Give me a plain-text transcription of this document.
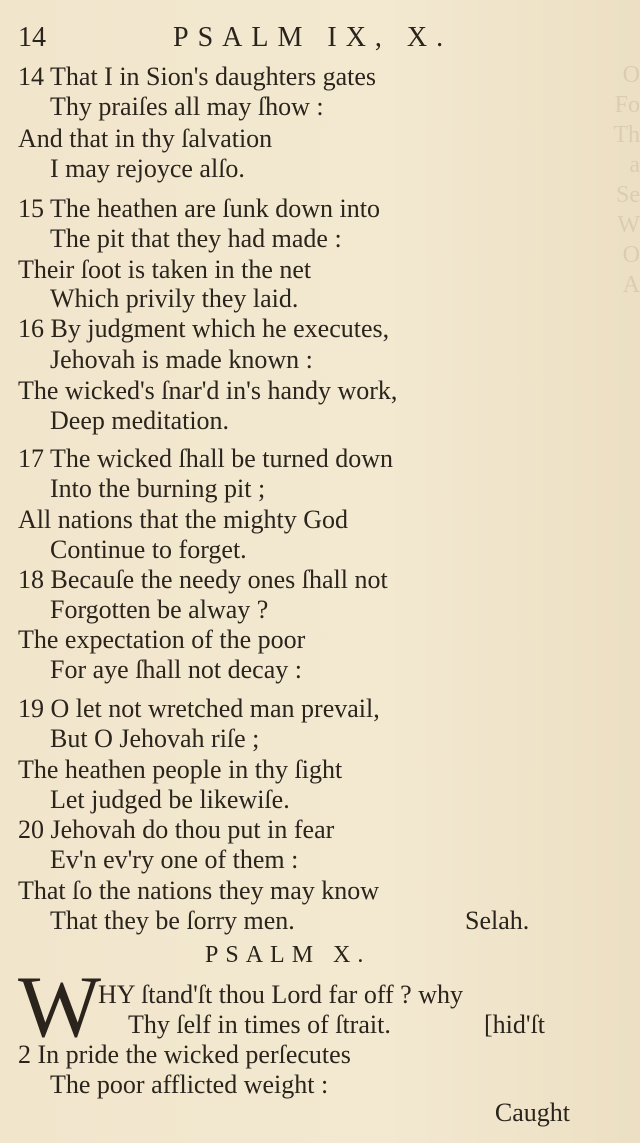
O
Fo
Th
a
Se
W
O
A
14	PSALM IX, X.
14 That I in Sion's daughters gates
Thy praiſes all may ſhow :
And that in thy ſalvation
I may rejoyce alſo.
15 The heathen are ſunk down into
The pit that they had made :
Their ſoot is taken in the net
Which privily they laid.
16 By judgment which he executes,
Jehovah is made known :
The wicked's ſnar'd in's handy work,
Deep meditation.
17 The wicked ſhall be turned down
Into the burning pit ;
All nations that the mighty God
Continue to forget.
18 Becauſe the needy ones ſhall not
Forgotten be alway ?
The expectation of the poor
For aye ſhall not decay :
19 O let not wretched man prevail,
But O Jehovah riſe ;
The heathen people in thy ſight
Let judged be likewiſe.
20 Jehovah do thou put in fear
Ev'n ev'ry one of them :
That ſo the nations they may know
That they be ſorry men.	Selah.
PSALM X.
W
HY ſtand'ſt thou Lord far off ? why
Thy ſelf in times of ſtrait.	[hid'ſt
2 In pride the wicked perſecutes
The poor afflicted weight :
Caught
